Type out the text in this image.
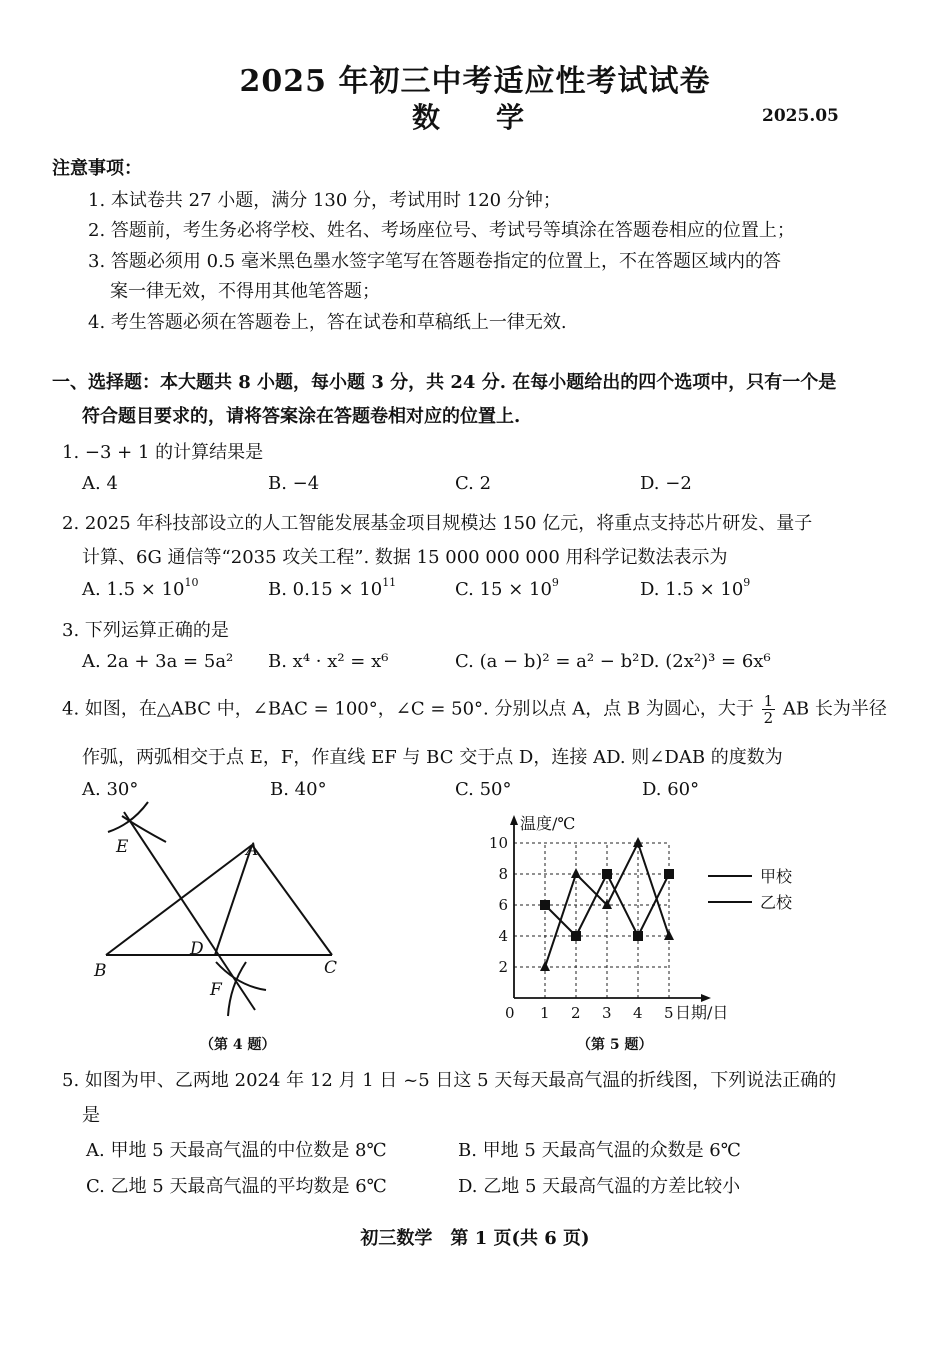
2025 年初三中考适应性考试试卷
数　学	2025.05
注意事项：
1. 本试卷共 27 小题，满分 130 分，考试用时 120 分钟；
2. 答题前，考生务必将学校、姓名、考场座位号、考试号等填涂在答题卷相应的位置上；
3. 答题必须用 0.5 毫米黑色墨水签字笔写在答题卷指定的位置上，不在答题区域内的答
案一律无效，不得用其他笔答题；
4. 考生答题必须在答题卷上，答在试卷和草稿纸上一律无效.
一、选择题：本大题共 8 小题，每小题 3 分，共 24 分. 在每小题给出的四个选项中，只有一个是
符合题目要求的，请将答案涂在答题卷相对应的位置上.
1. −3 + 1 的计算结果是
A. 4	B. −4	C. 2	D. −2
2. 2025 年科技部设立的人工智能发展基金项目规模达 150 亿元，将重点支持芯片研发、量子
计算、6G 通信等“2035 攻关工程”. 数据 15 000 000 000 用科学记数法表示为
A. $1.5 \times 10^{10}$	B. $0.15 \times 10^{11}$	C. $15 \times 10^9$	D. $1.5 \times 10^9$
3. 下列运算正确的是
A. 2a + 3a = 5a² B. x⁴ · x² = x⁶	C. (a − b)² = a² − b² D. (2x²)³ = 6x⁶
4. 如图，在△ABC 中，∠BAC = 100°，∠C = 50°. 分别以点 A，点 B 为圆心，大于 $\frac{1}{2}$ AB 长为半径
作弧，两弧相交于点 E，F，作直线 EF 与 BC 交于点 D，连接 AD. 则∠DAB 的度数为
A. 30°	B. 40°	C. 50°	D. 60°
E	A
D
B	C
F
（第 4 题）
0 1 2 3 4 5
2
4
6
8
10
温度/℃
日期/日
甲校
乙校
（第 5 题）
5. 如图为甲、乙两地 2024 年 12 月 1 日 ~5 日这 5 天每天最高气温的折线图，下列说法正确的
是
A. 甲地 5 天最高气温的中位数是 8℃	B. 甲地 5 天最高气温的众数是 6℃
C. 乙地 5 天最高气温的平均数是 6℃	D. 乙地 5 天最高气温的方差比较小
初三数学　第 1 页(共 6 页)
